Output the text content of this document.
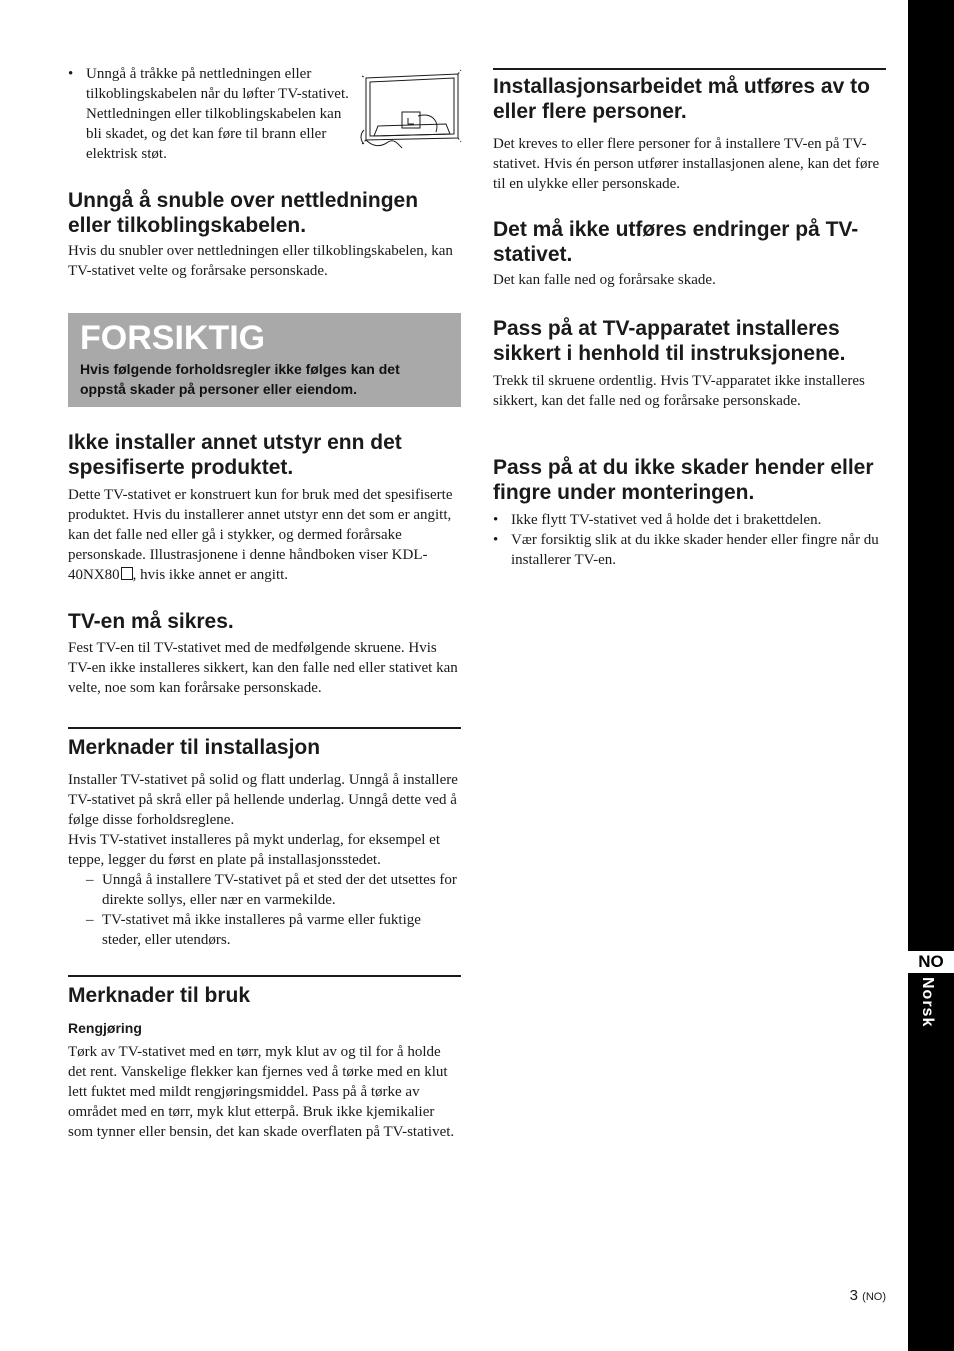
• Unngå å tråkke på nettledningen eller tilkoblingskabelen når du løfter TV-stativet. Nettledningen eller tilkoblingskabelen kan bli skadet, og det kan føre til brann eller elektrisk støt.
Unngå å snuble over nettledningen eller tilkoblingskabelen.

Hvis du snubler over nettledningen eller tilkoblingskabelen, kan TV-stativet velte og forårsake personskade.

FORSIKTIG
Hvis følgende forholdsregler ikke følges kan det oppstå skader på personer eller eiendom.
Ikke installer annet utstyr enn det spesifiserte produktet.

Dette TV-stativet er konstruert kun for bruk med det spesifiserte produktet. Hvis du installerer annet utstyr enn det som er angitt, kan det falle ned eller gå i stykker, og dermed forårsake personskade. Illustrasjonene i denne håndboken viser KDL-40NX80 , hvis ikke annet er angitt.

TV-en må sikres.

Fest TV-en til TV-stativet med de medfølgende skruene. Hvis TV-en ikke installeres sikkert, kan den falle ned eller stativet kan velte, noe som kan forårsake personskade.

Merknader til installasjon

Installer TV-stativet på solid og flatt underlag. Unngå å installere TV-stativet på skrå eller på hellende underlag. Unngå dette ved å følge disse forholdsreglene.

Hvis TV-stativet installeres på mykt underlag, for eksempel et teppe, legger du først en plate på installasjonsstedet.

– Unngå å installere TV-stativet på et sted der det utsettes for direkte sollys, eller nær en varmekilde.
– TV-stativet må ikke installeres på varme eller fuktige steder, eller utendørs.
Merknader til bruk
Rengjøring

Tørk av TV-stativet med en tørr, myk klut av og til for å holde det rent. Vanskelige flekker kan fjernes ved å tørke med en klut lett fuktet med mildt rengjøringsmiddel. Pass på å tørke av området med en tørr, myk klut etterpå. Bruk ikke kjemikalier som tynner eller bensin, det kan skade overflaten på TV-stativet.

Installasjonsarbeidet må utføres av to eller flere personer.

Det kreves to eller flere personer for å installere TV-en på TV-stativet. Hvis én person utfører installasjonen alene, kan det føre til en ulykke eller personskade.

Det må ikke utføres endringer på TV-stativet.

Det kan falle ned og forårsake skade.

Pass på at TV-apparatet installeres sikkert i henhold til instruksjonene.

Trekk til skruene ordentlig. Hvis TV-apparatet ikke installeres sikkert, kan det falle ned og forårsake personskade.

Pass på at du ikke skader hender eller fingre under monteringen.
• Ikke flytt TV-stativet ved å holde det i brakettdelen.
• Vær forsiktig slik at du ikke skader hender eller fingre når du installerer TV-en.
NO
Norsk
3 (NO)
